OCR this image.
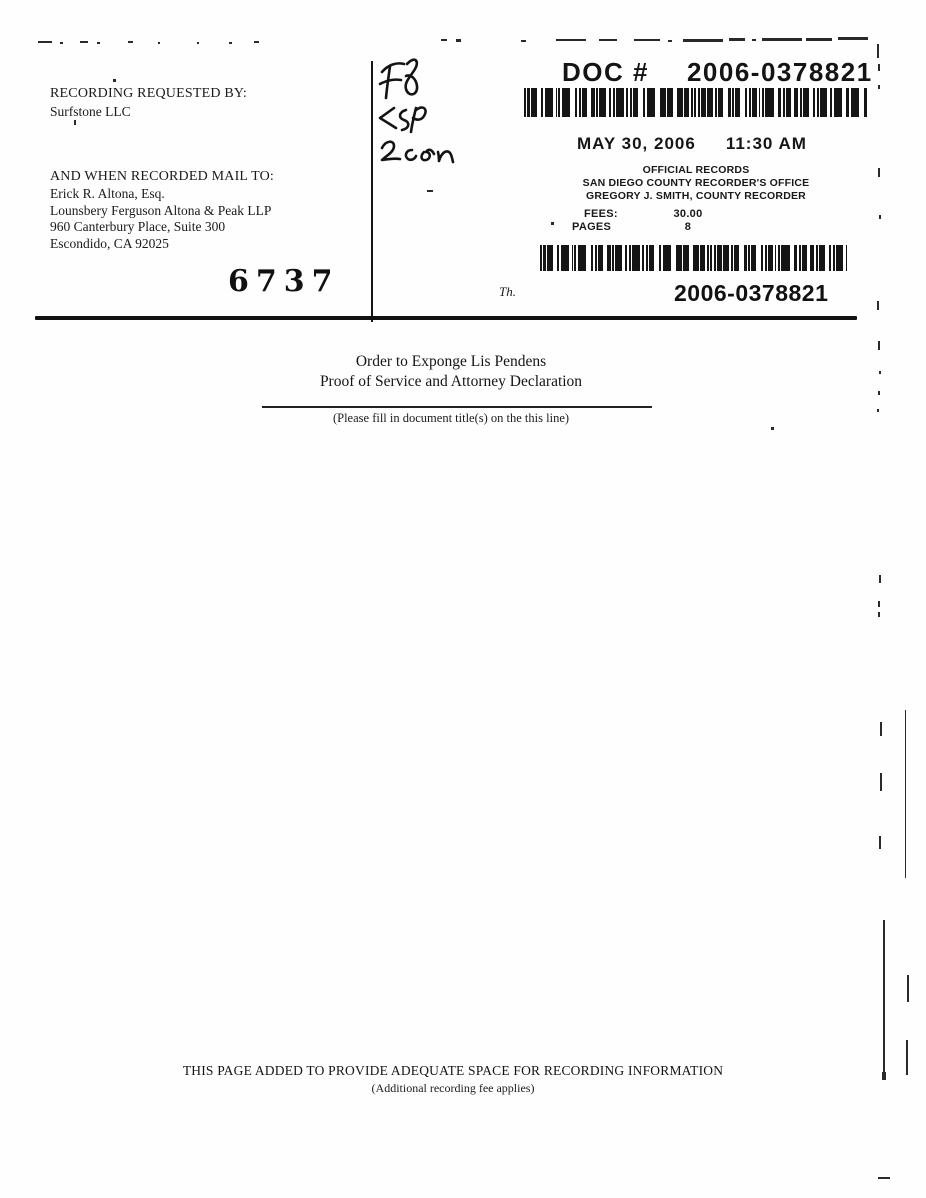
RECORDING REQUESTED BY:
Surfstone LLC
AND WHEN RECORDED MAIL TO:
Erick R. Altona, Esq.
Lounsbery Ferguson Altona & Peak LLP
960 Canterbury Place, Suite 300
Escondido, CA 92025
6737
DOC # 2006-0378821
MAY 30, 2006 11:30 AM
OFFICIAL RECORDS
SAN DIEGO COUNTY RECORDER'S OFFICE
GREGORY J. SMITH, COUNTY RECORDER
FEES:	30.00
PAGES	8
Th.	2006-0378821
Order to Exponge Lis Pendens
Proof of Service and Attorney Declaration
(Please fill in document title(s) on the this line)
THIS PAGE ADDED TO PROVIDE ADEQUATE SPACE FOR RECORDING INFORMATION
(Additional recording fee applies)
